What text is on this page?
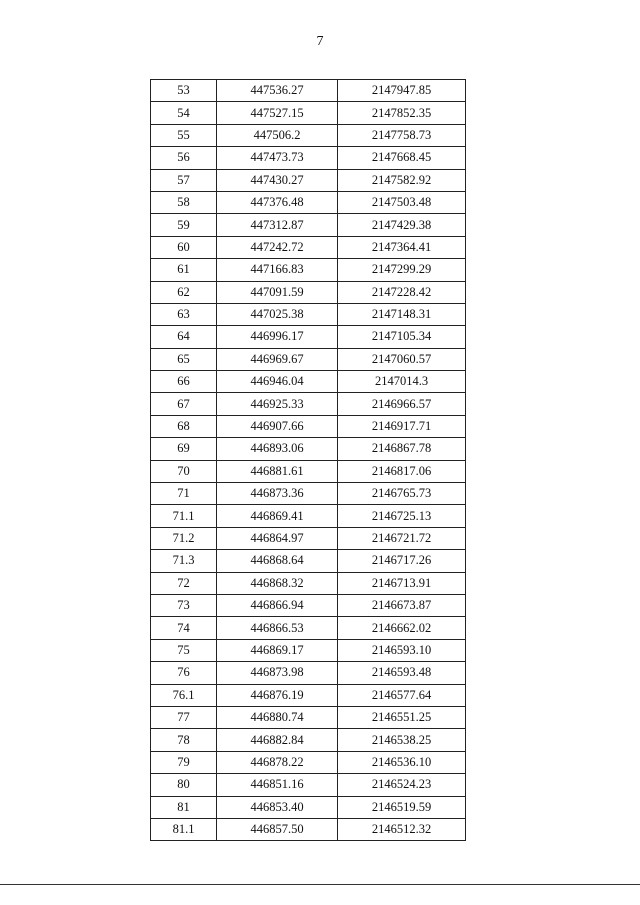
7
53	447536.27	2147947.85
54	447527.15	2147852.35
55	447506.2	2147758.73
56	447473.73	2147668.45
57	447430.27	2147582.92
58	447376.48	2147503.48
59	447312.87	2147429.38
60	447242.72	2147364.41
61	447166.83	2147299.29
62	447091.59	2147228.42
63	447025.38	2147148.31
64	446996.17	2147105.34
65	446969.67	2147060.57
66	446946.04	2147014.3
67	446925.33	2146966.57
68	446907.66	2146917.71
69	446893.06	2146867.78
70	446881.61	2146817.06
71	446873.36	2146765.73
71.1	446869.41	2146725.13
71.2	446864.97	2146721.72
71.3	446868.64	2146717.26
72	446868.32	2146713.91
73	446866.94	2146673.87
74	446866.53	2146662.02
75	446869.17	2146593.10
76	446873.98	2146593.48
76.1	446876.19	2146577.64
77	446880.74	2146551.25
78	446882.84	2146538.25
79	446878.22	2146536.10
80	446851.16	2146524.23
81	446853.40	2146519.59
81.1	446857.50	2146512.32
